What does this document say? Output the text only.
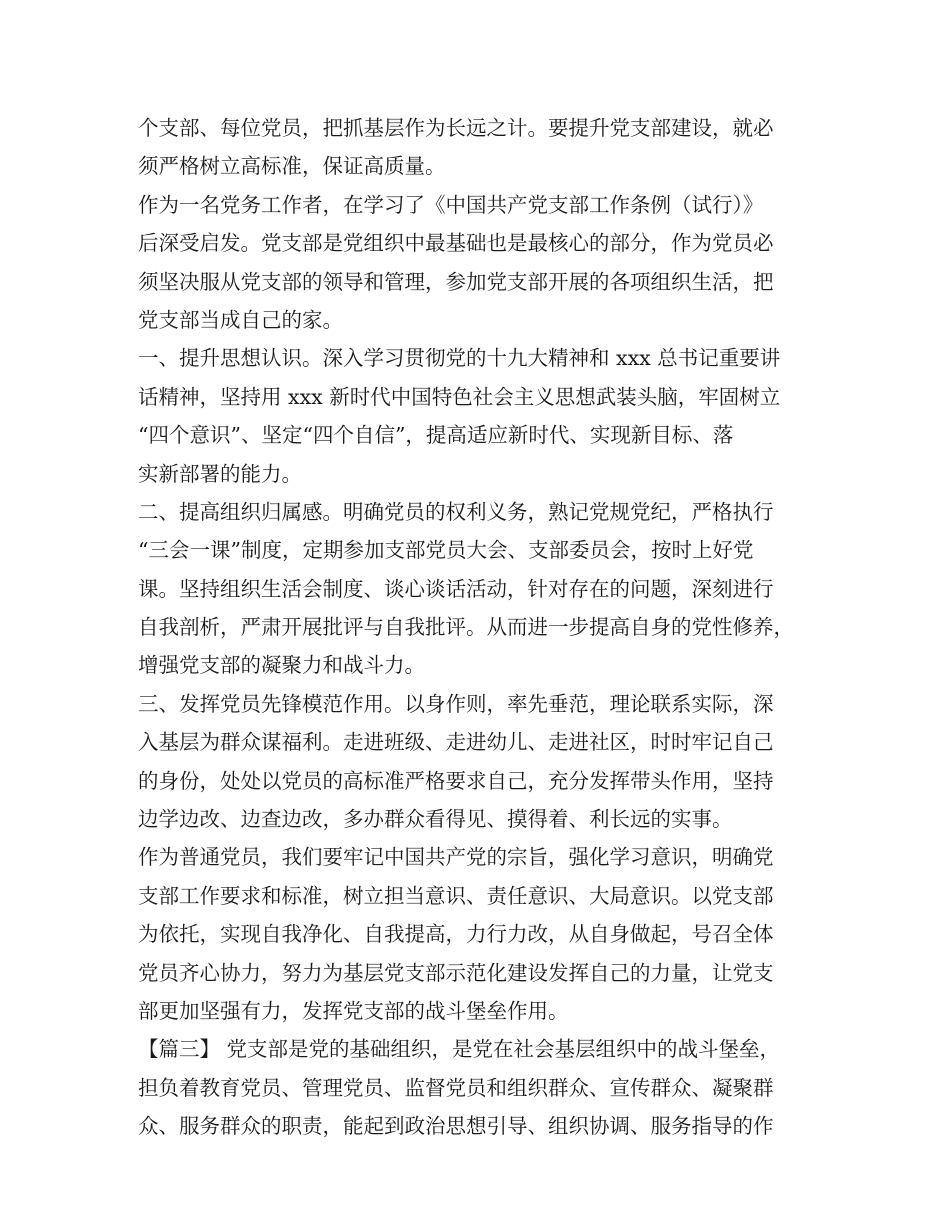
个支部、每位党员，把抓基层作为长远之计。要提升党支部建设，就必
须严格树立高标准，保证高质量。
作为一名党务工作者，在学习了《中国共产党支部工作条例（试行）》
后深受启发。党支部是党组织中最基础也是最核心的部分，作为党员必
须坚决服从党支部的领导和管理，参加党支部开展的各项组织生活，把
党支部当成自己的家。
一、提升思想认识。深入学习贯彻党的十九大精神和 xxx 总书记重要讲
话精神，坚持用 xxx 新时代中国特色社会主义思想武装头脑，牢固树立
“四个意识”、坚定“四个自信”，提高适应新时代、实现新目标、落
实新部署的能力。
二、提高组织归属感。明确党员的权利义务，熟记党规党纪，严格执行
“三会一课”制度，定期参加支部党员大会、支部委员会，按时上好党
课。坚持组织生活会制度、谈心谈话活动，针对存在的问题，深刻进行
自我剖析，严肃开展批评与自我批评。从而进一步提高自身的党性修养，
增强党支部的凝聚力和战斗力。
三、发挥党员先锋模范作用。以身作则，率先垂范，理论联系实际，深
入基层为群众谋福利。走进班级、走进幼儿、走进社区，时时牢记自己
的身份，处处以党员的高标准严格要求自己，充分发挥带头作用，坚持
边学边改、边查边改，多办群众看得见、摸得着、利长远的实事。
作为普通党员，我们要牢记中国共产党的宗旨，强化学习意识，明确党
支部工作要求和标准，树立担当意识、责任意识、大局意识。以党支部
为依托，实现自我净化、自我提高，力行力改，从自身做起，号召全体
党员齐心协力，努力为基层党支部示范化建设发挥自己的力量，让党支
部更加坚强有力，发挥党支部的战斗堡垒作用。
【篇三】 党支部是党的基础组织，是党在社会基层组织中的战斗堡垒，
担负着教育党员、管理党员、监督党员和组织群众、宣传群众、凝聚群
众、服务群众的职责，能起到政治思想引导、组织协调、服务指导的作
